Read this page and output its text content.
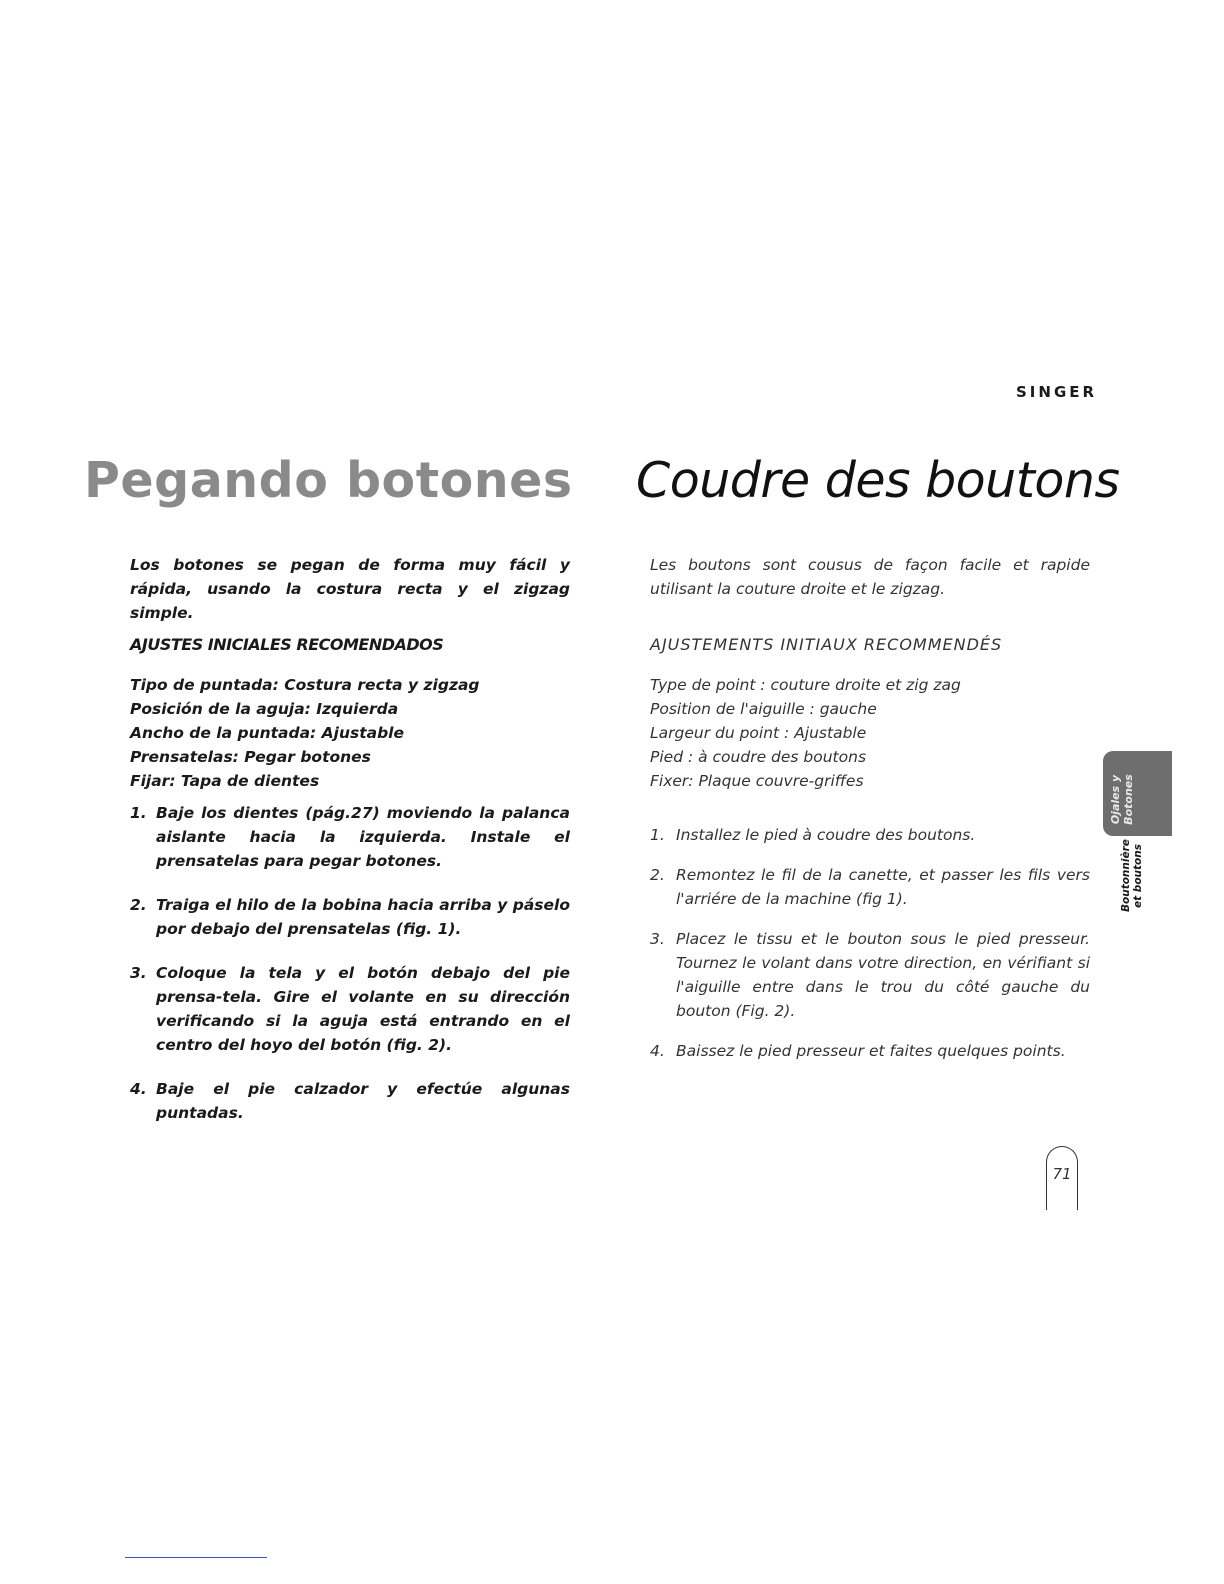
SINGER
Pegando botones Coudre des boutons

Los botones se pegan de forma muy fácil y rápida, usando la costura recta y el zigzag simple.

AJUSTES INICIALES RECOMENDADOS

Tipo de puntada: Costura recta y zigzag
Posición de la aguja: Izquierda
Ancho de la puntada: Ajustable
Prensatelas: Pegar botones
Fijar: Tapa de dientes
1. Baje los dientes (pág.27) moviendo la palanca aislante hacia la izquierda. Instale el prensatelas para pegar botones.
2. Traiga el hilo de la bobina hacia arriba y páselo por debajo del prensatelas (fig. 1).
3. Coloque la tela y el botón debajo del pie prensa-tela. Gire el volante en su dirección verificando si la aguja está entrando en el centro del hoyo del botón (fig. 2).
4. Baje el pie calzador y efectúe algunas puntadas.

Les boutons sont cousus de façon facile et rapide utilisant la couture droite et le zigzag.

AJUSTEMENTS INITIAUX RECOMMENDÉS

Type de point : couture droite et zig zag
Position de l'aiguille : gauche
Largeur du point : Ajustable
Pied : à coudre des boutons
Fixer: Plaque couvre-griffes
1. Installez le pied à coudre des boutons.
2. Remontez le fil de la canette, et passer les fils vers l'arriére de la machine (fig 1).
3. Placez le tissu et le bouton sous le pied presseur. Tournez le volant dans votre direction, en vérifiant si l'aiguille entre dans le trou du côté gauche du bouton (Fig. 2).
4. Baissez le pied presseur et faites quelques points.
Ojales y Botones
Boutonnière et boutons
71
